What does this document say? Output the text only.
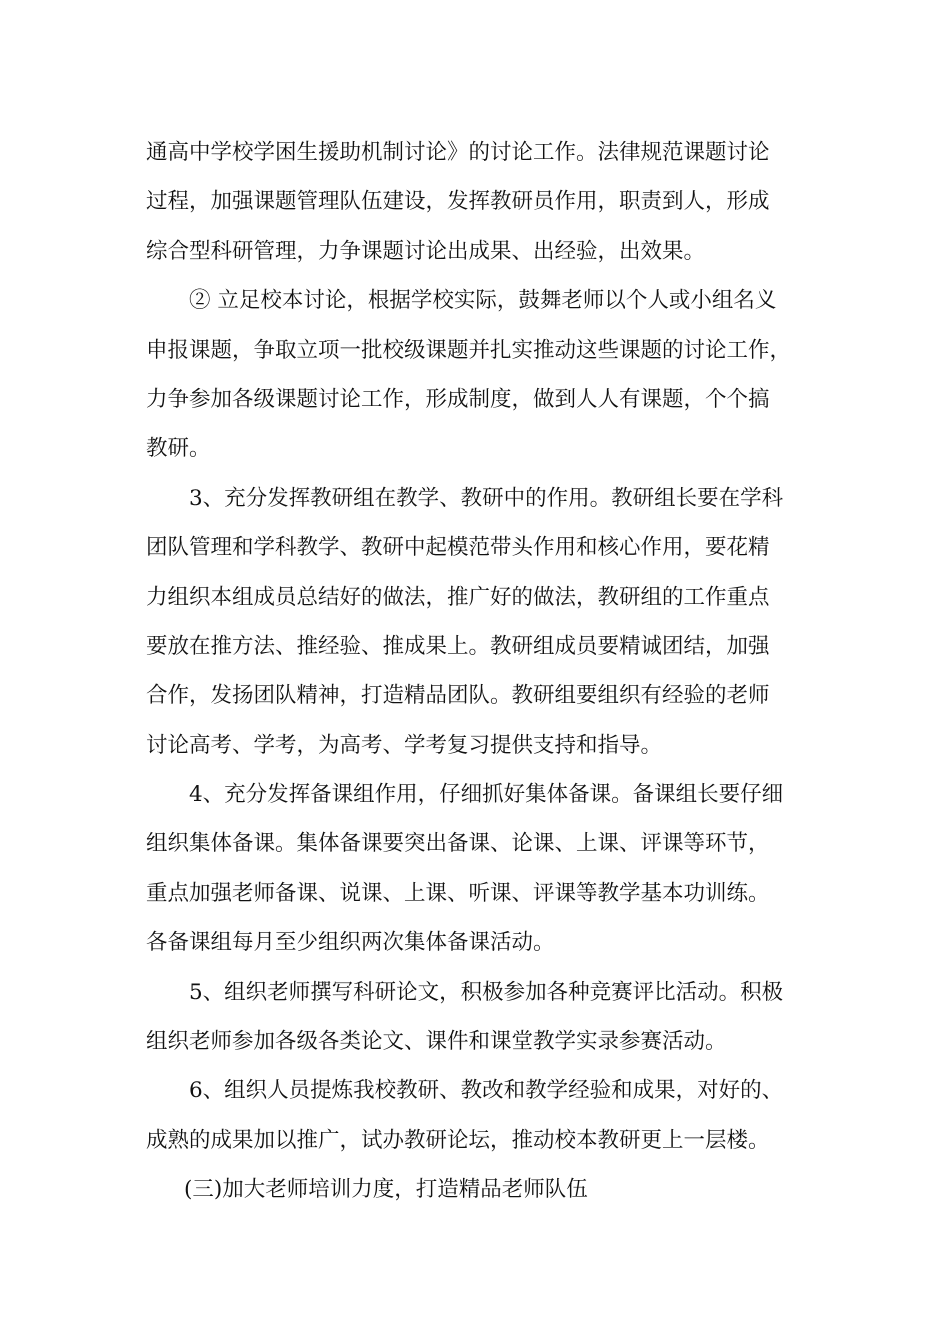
通高中学校学困生援助机制讨论》的讨论工作。法律规范课题讨论
过程，加强课题管理队伍建设，发挥教研员作用，职责到人，形成
综合型科研管理，力争课题讨论出成果、出经验，出效果。
② 立足校本讨论，根据学校实际，鼓舞老师以个人或小组名义
申报课题，争取立项一批校级课题并扎实推动这些课题的讨论工作，
力争参加各级课题讨论工作，形成制度，做到人人有课题，个个搞
教研。
3、充分发挥教研组在教学、教研中的作用。教研组长要在学科
团队管理和学科教学、教研中起模范带头作用和核心作用，要花精
力组织本组成员总结好的做法，推广好的做法，教研组的工作重点
要放在推方法、推经验、推成果上。教研组成员要精诚团结，加强
合作，发扬团队精神，打造精品团队。教研组要组织有经验的老师
讨论高考、学考，为高考、学考复习提供支持和指导。
4、充分发挥备课组作用，仔细抓好集体备课。备课组长要仔细
组织集体备课。集体备课要突出备课、论课、上课、评课等环节，
重点加强老师备课、说课、上课、听课、评课等教学基本功训练。
各备课组每月至少组织两次集体备课活动。
5、组织老师撰写科研论文，积极参加各种竞赛评比活动。积极
组织老师参加各级各类论文、课件和课堂教学实录参赛活动。
6、组织人员提炼我校教研、教改和教学经验和成果，对好的、
成熟的成果加以推广，试办教研论坛，推动校本教研更上一层楼。
(三)加大老师培训力度，打造精品老师队伍
